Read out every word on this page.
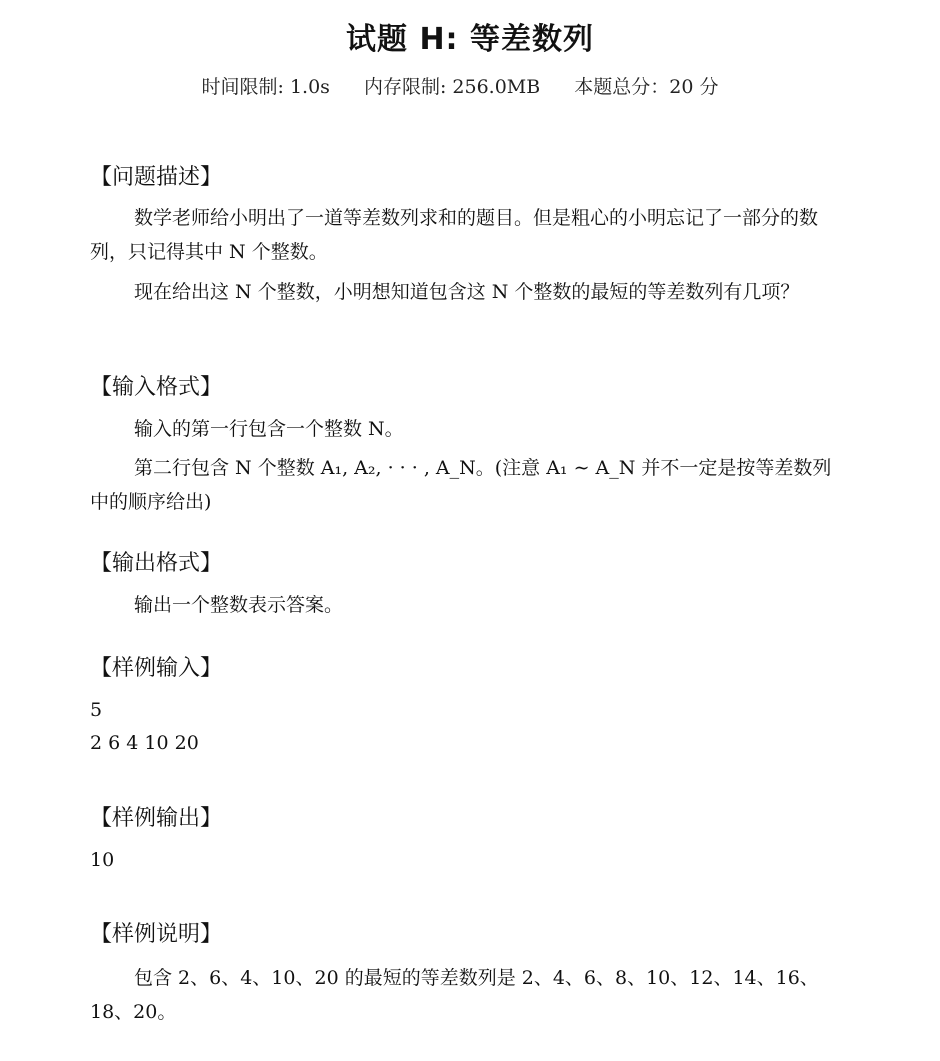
试题 H: 等差数列
时间限制: 1.0s 内存限制: 256.0MB 本题总分：20 分
【问题描述】
数学老师给小明出了一道等差数列求和的题目。但是粗心的小明忘记了一部分的数列，只记得其中 N 个整数。
现在给出这 N 个整数，小明想知道包含这 N 个整数的最短的等差数列有几项？
【输入格式】
输入的第一行包含一个整数 N。
第二行包含 N 个整数 A₁, A₂, · · · , A_N。(注意 A₁ ∼ A_N 并不一定是按等差数列中的顺序给出)
【输出格式】
输出一个整数表示答案。
【样例输入】
5
2 6 4 10 20
【样例输出】
10
【样例说明】
包含 2、6、4、10、20 的最短的等差数列是 2、4、6、8、10、12、14、16、18、20。
